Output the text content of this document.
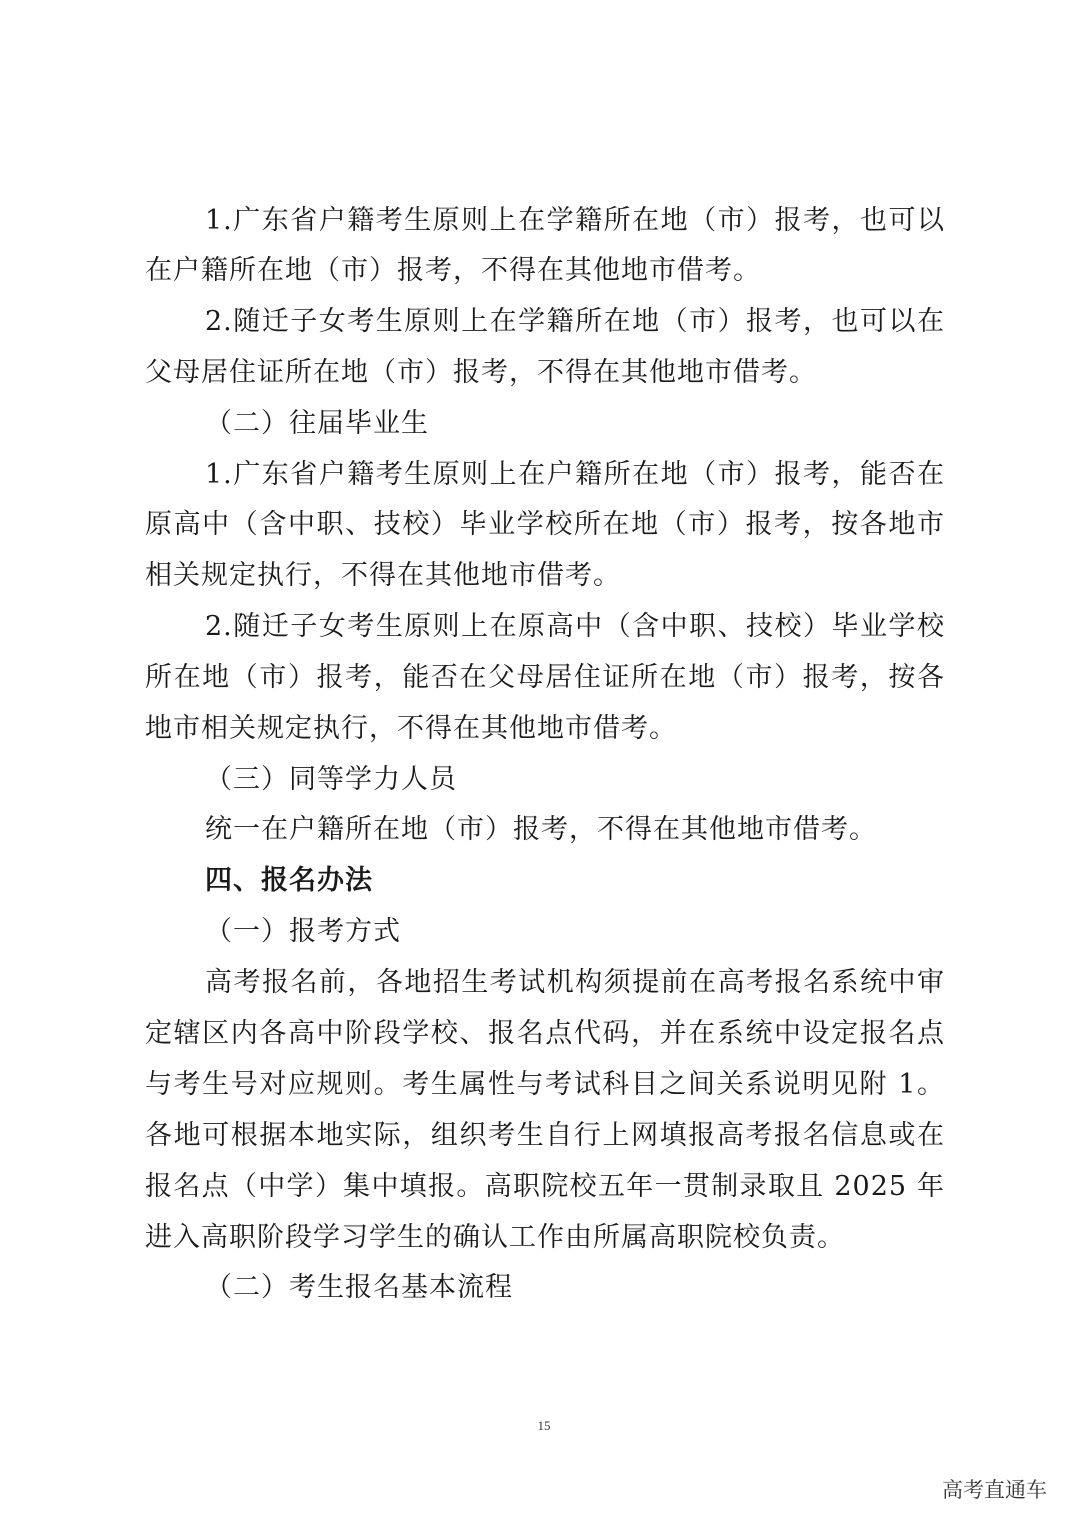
1.广东省户籍考生原则上在学籍所在地（市）报考，也可以
在户籍所在地（市）报考，不得在其他地市借考。
2.随迁子女考生原则上在学籍所在地（市）报考，也可以在
父母居住证所在地（市）报考，不得在其他地市借考。
（二）往届毕业生
1.广东省户籍考生原则上在户籍所在地（市）报考，能否在
原高中（含中职、技校）毕业学校所在地（市）报考，按各地市
相关规定执行，不得在其他地市借考。
2.随迁子女考生原则上在原高中（含中职、技校）毕业学校
所在地（市）报考，能否在父母居住证所在地（市）报考，按各
地市相关规定执行，不得在其他地市借考。
（三）同等学力人员
统一在户籍所在地（市）报考，不得在其他地市借考。
四、报名办法
（一）报考方式
高考报名前，各地招生考试机构须提前在高考报名系统中审
定辖区内各高中阶段学校、报名点代码，并在系统中设定报名点
与考生号对应规则。考生属性与考试科目之间关系说明见附 1。
各地可根据本地实际，组织考生自行上网填报高考报名信息或在
报名点（中学）集中填报。高职院校五年一贯制录取且 2025 年
进入高职阶段学习学生的确认工作由所属高职院校负责。
（二）考生报名基本流程
15
高考直通车
